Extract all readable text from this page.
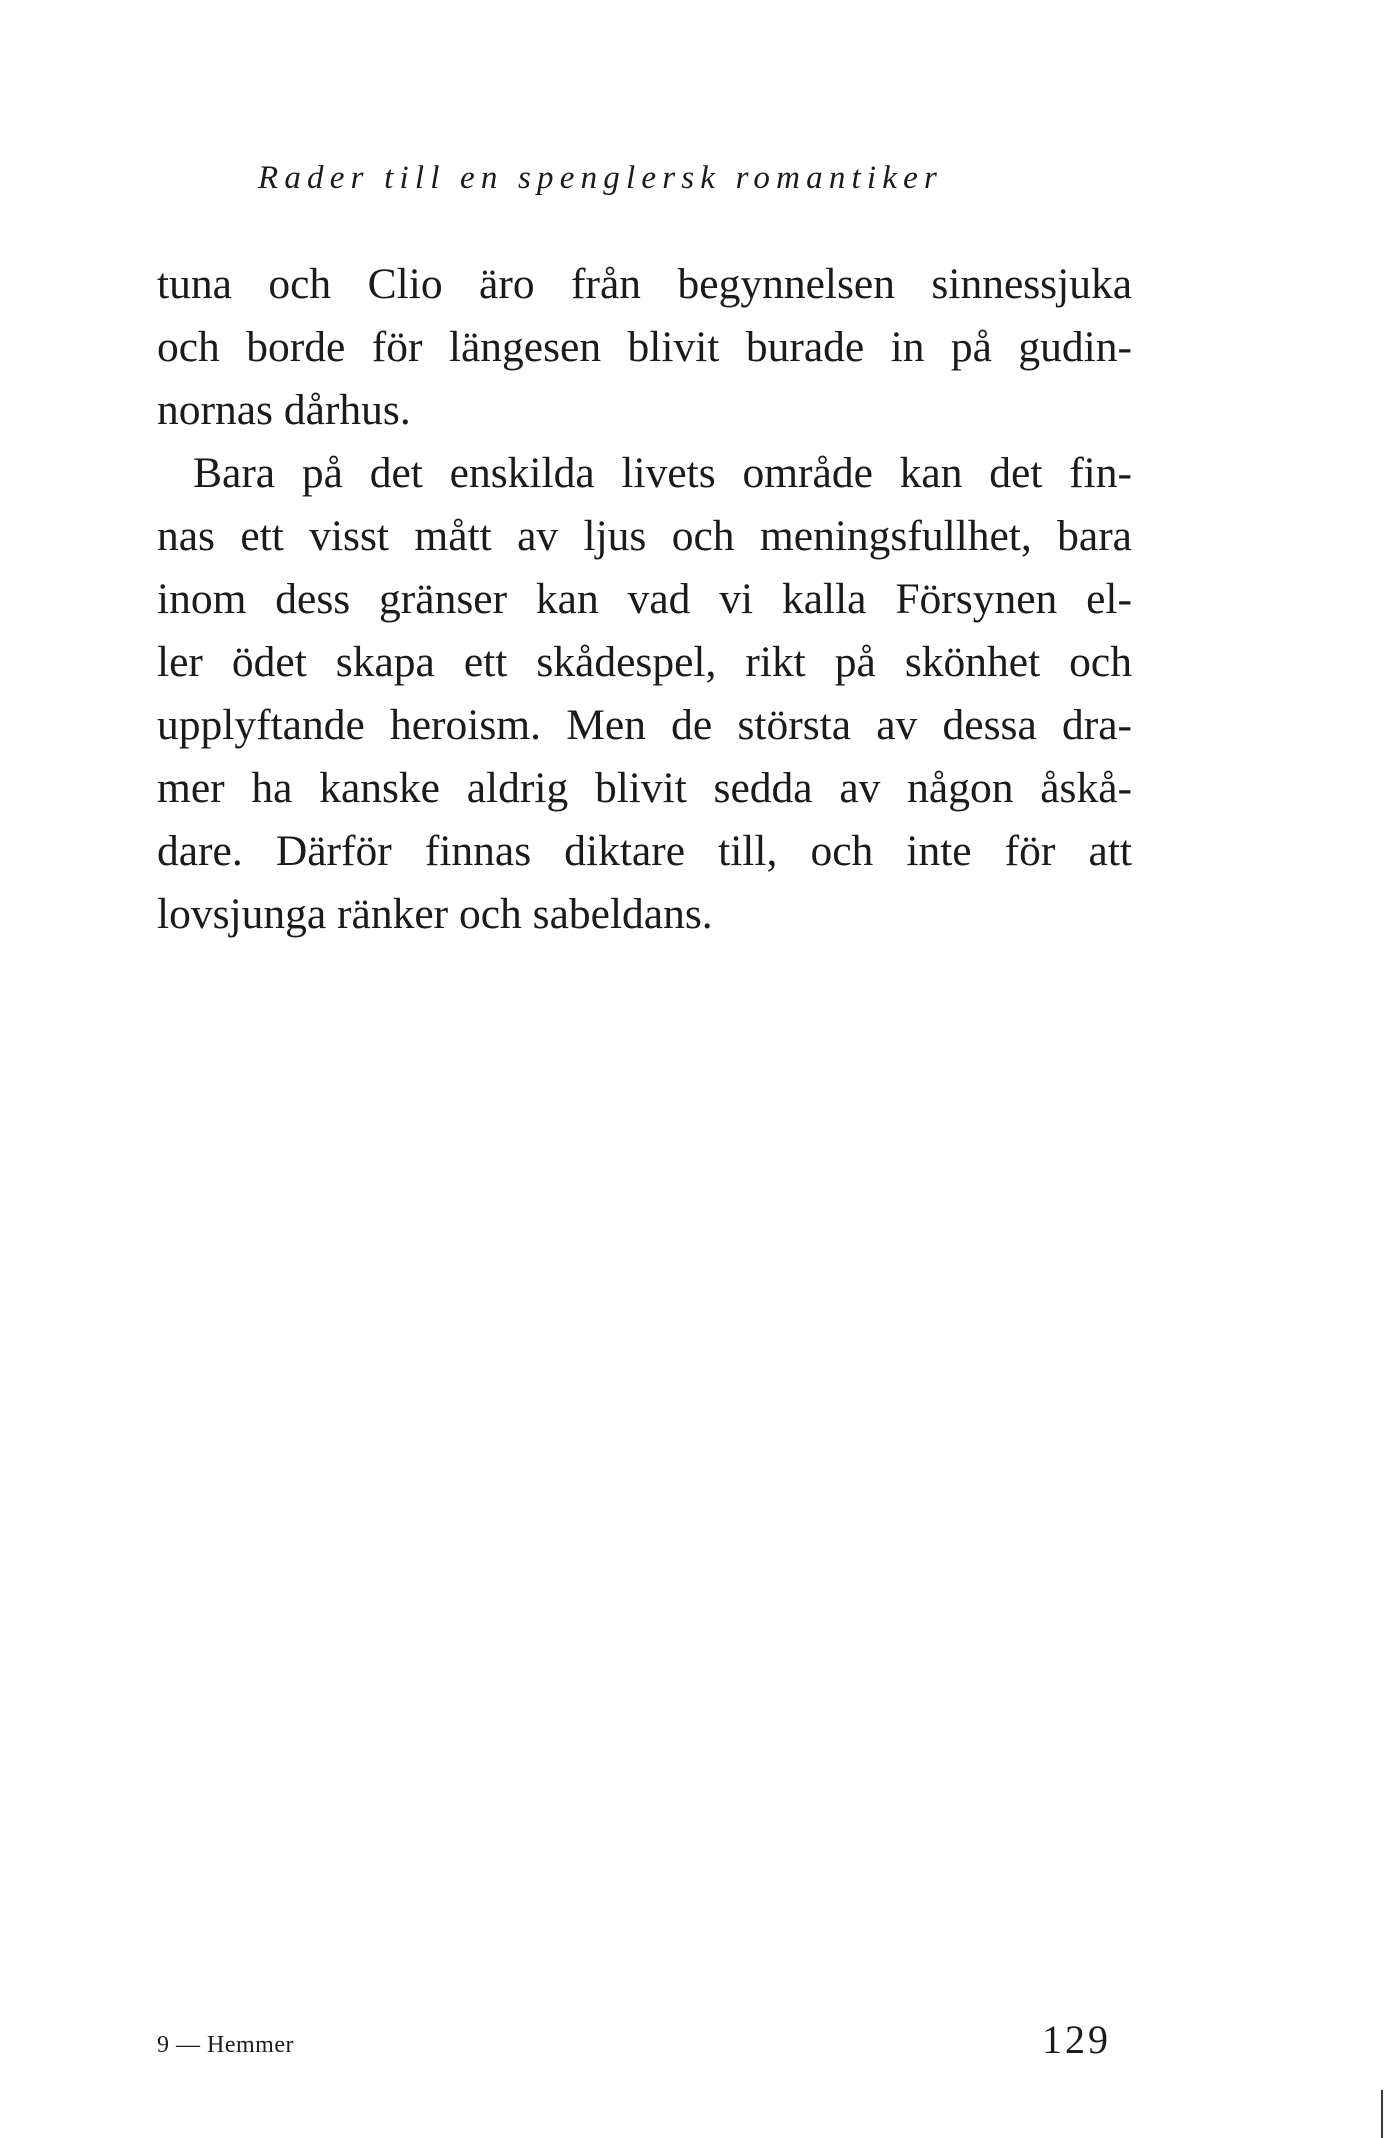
Rader till en spenglersk romantiker
tuna och Clio äro från begynnelsen sinnessjuka
och borde för längesen blivit burade in på gudin-
nornas dårhus.
Bara på det enskilda livets område kan det fin-
nas ett visst mått av ljus och meningsfullhet, bara
inom dess gränser kan vad vi kalla Försynen el-
ler ödet skapa ett skådespel, rikt på skönhet och
upplyftande heroism. Men de största av dessa dra-
mer ha kanske aldrig blivit sedda av någon åskå-
dare. Därför finnas diktare till, och inte för att
lovsjunga ränker och sabeldans.
9 — Hemmer	129
